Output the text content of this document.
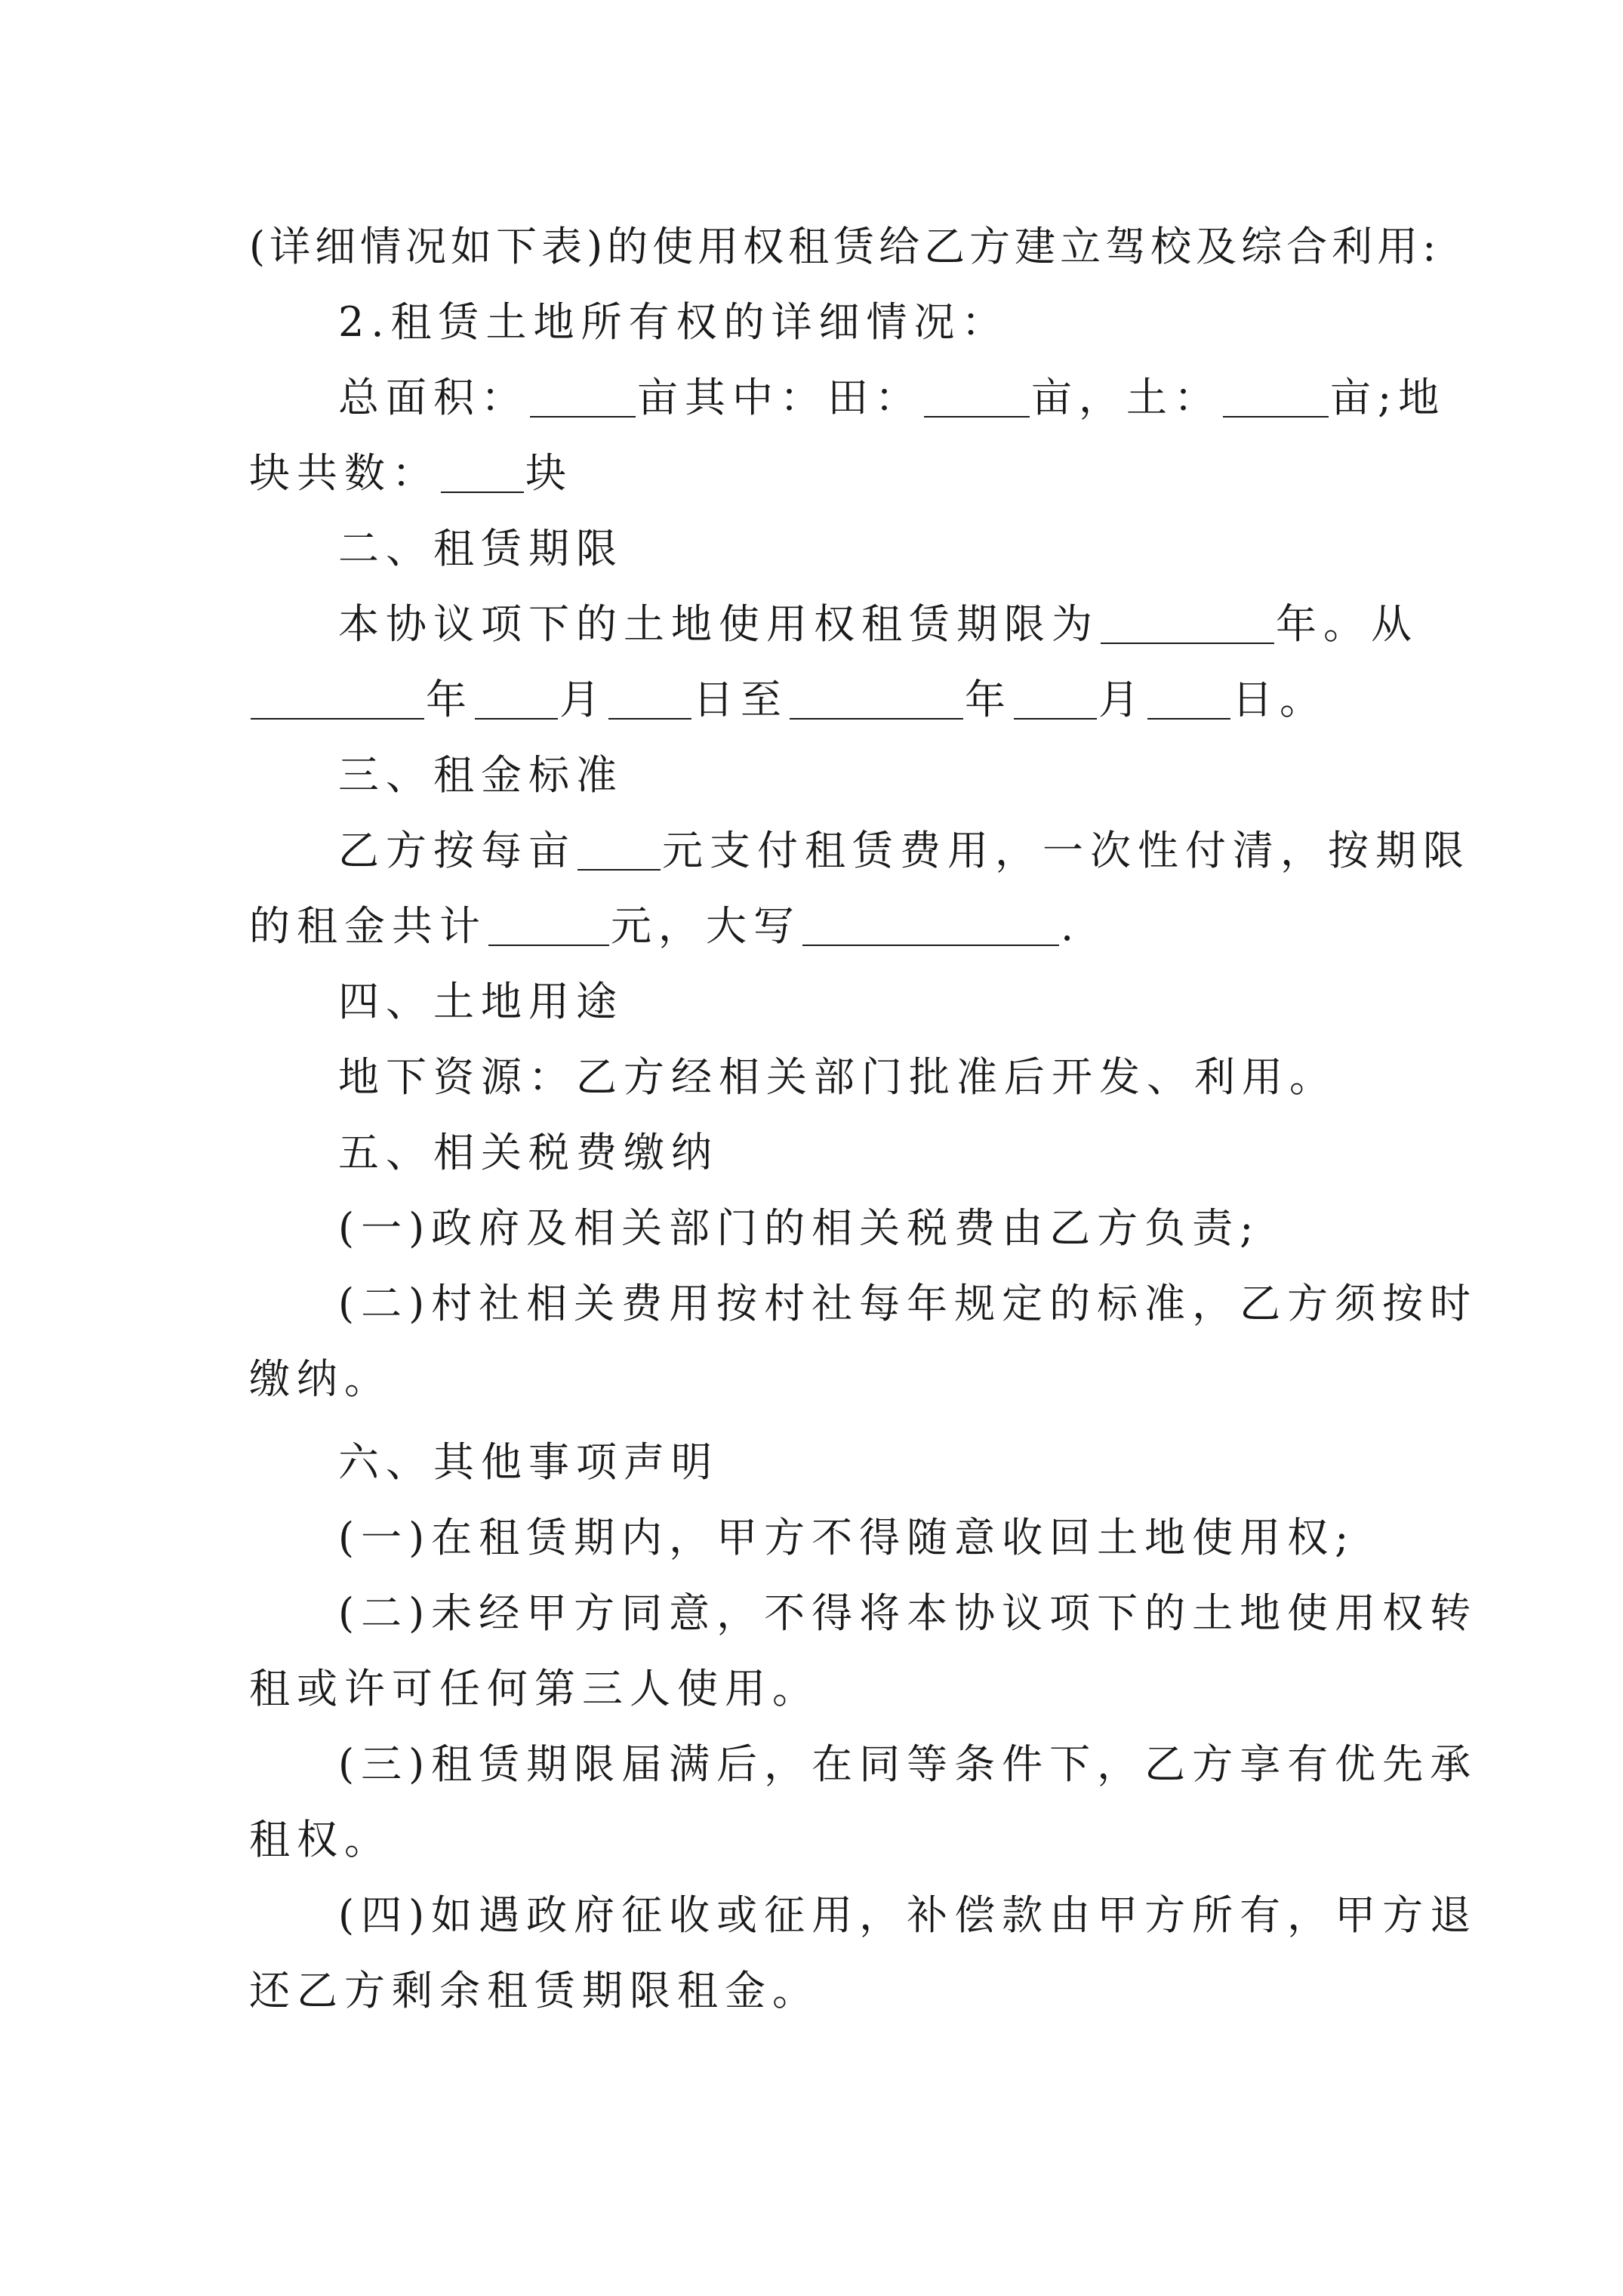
(详细情况如下表)的使用权租赁给乙方建立驾校及综合利用:
2.租赁土地所有权的详细情况：
总面积：	亩其中：田：	亩，土：	亩;地
块共数： 块
二、租赁期限
本协议项下的土地使用权租赁期限为	年。从
年 月 日至	年 月 日。
三、租金标准
乙方按每亩 元支付租赁费用，一次性付清，按期限
的租金共计	元，大写	.
四、土地用途
地下资源：乙方经相关部门批准后开发、利用。
五、相关税费缴纳
(一)政府及相关部门的相关税费由乙方负责;
(二)村社相关费用按村社每年规定的标准，乙方须按时
缴纳。
六、其他事项声明
(一)在租赁期内，甲方不得随意收回土地使用权;
(二)未经甲方同意，不得将本协议项下的土地使用权转
租或许可任何第三人使用。
(三)租赁期限届满后，在同等条件下，乙方享有优先承
租权。
(四)如遇政府征收或征用，补偿款由甲方所有，甲方退
还乙方剩余租赁期限租金。
